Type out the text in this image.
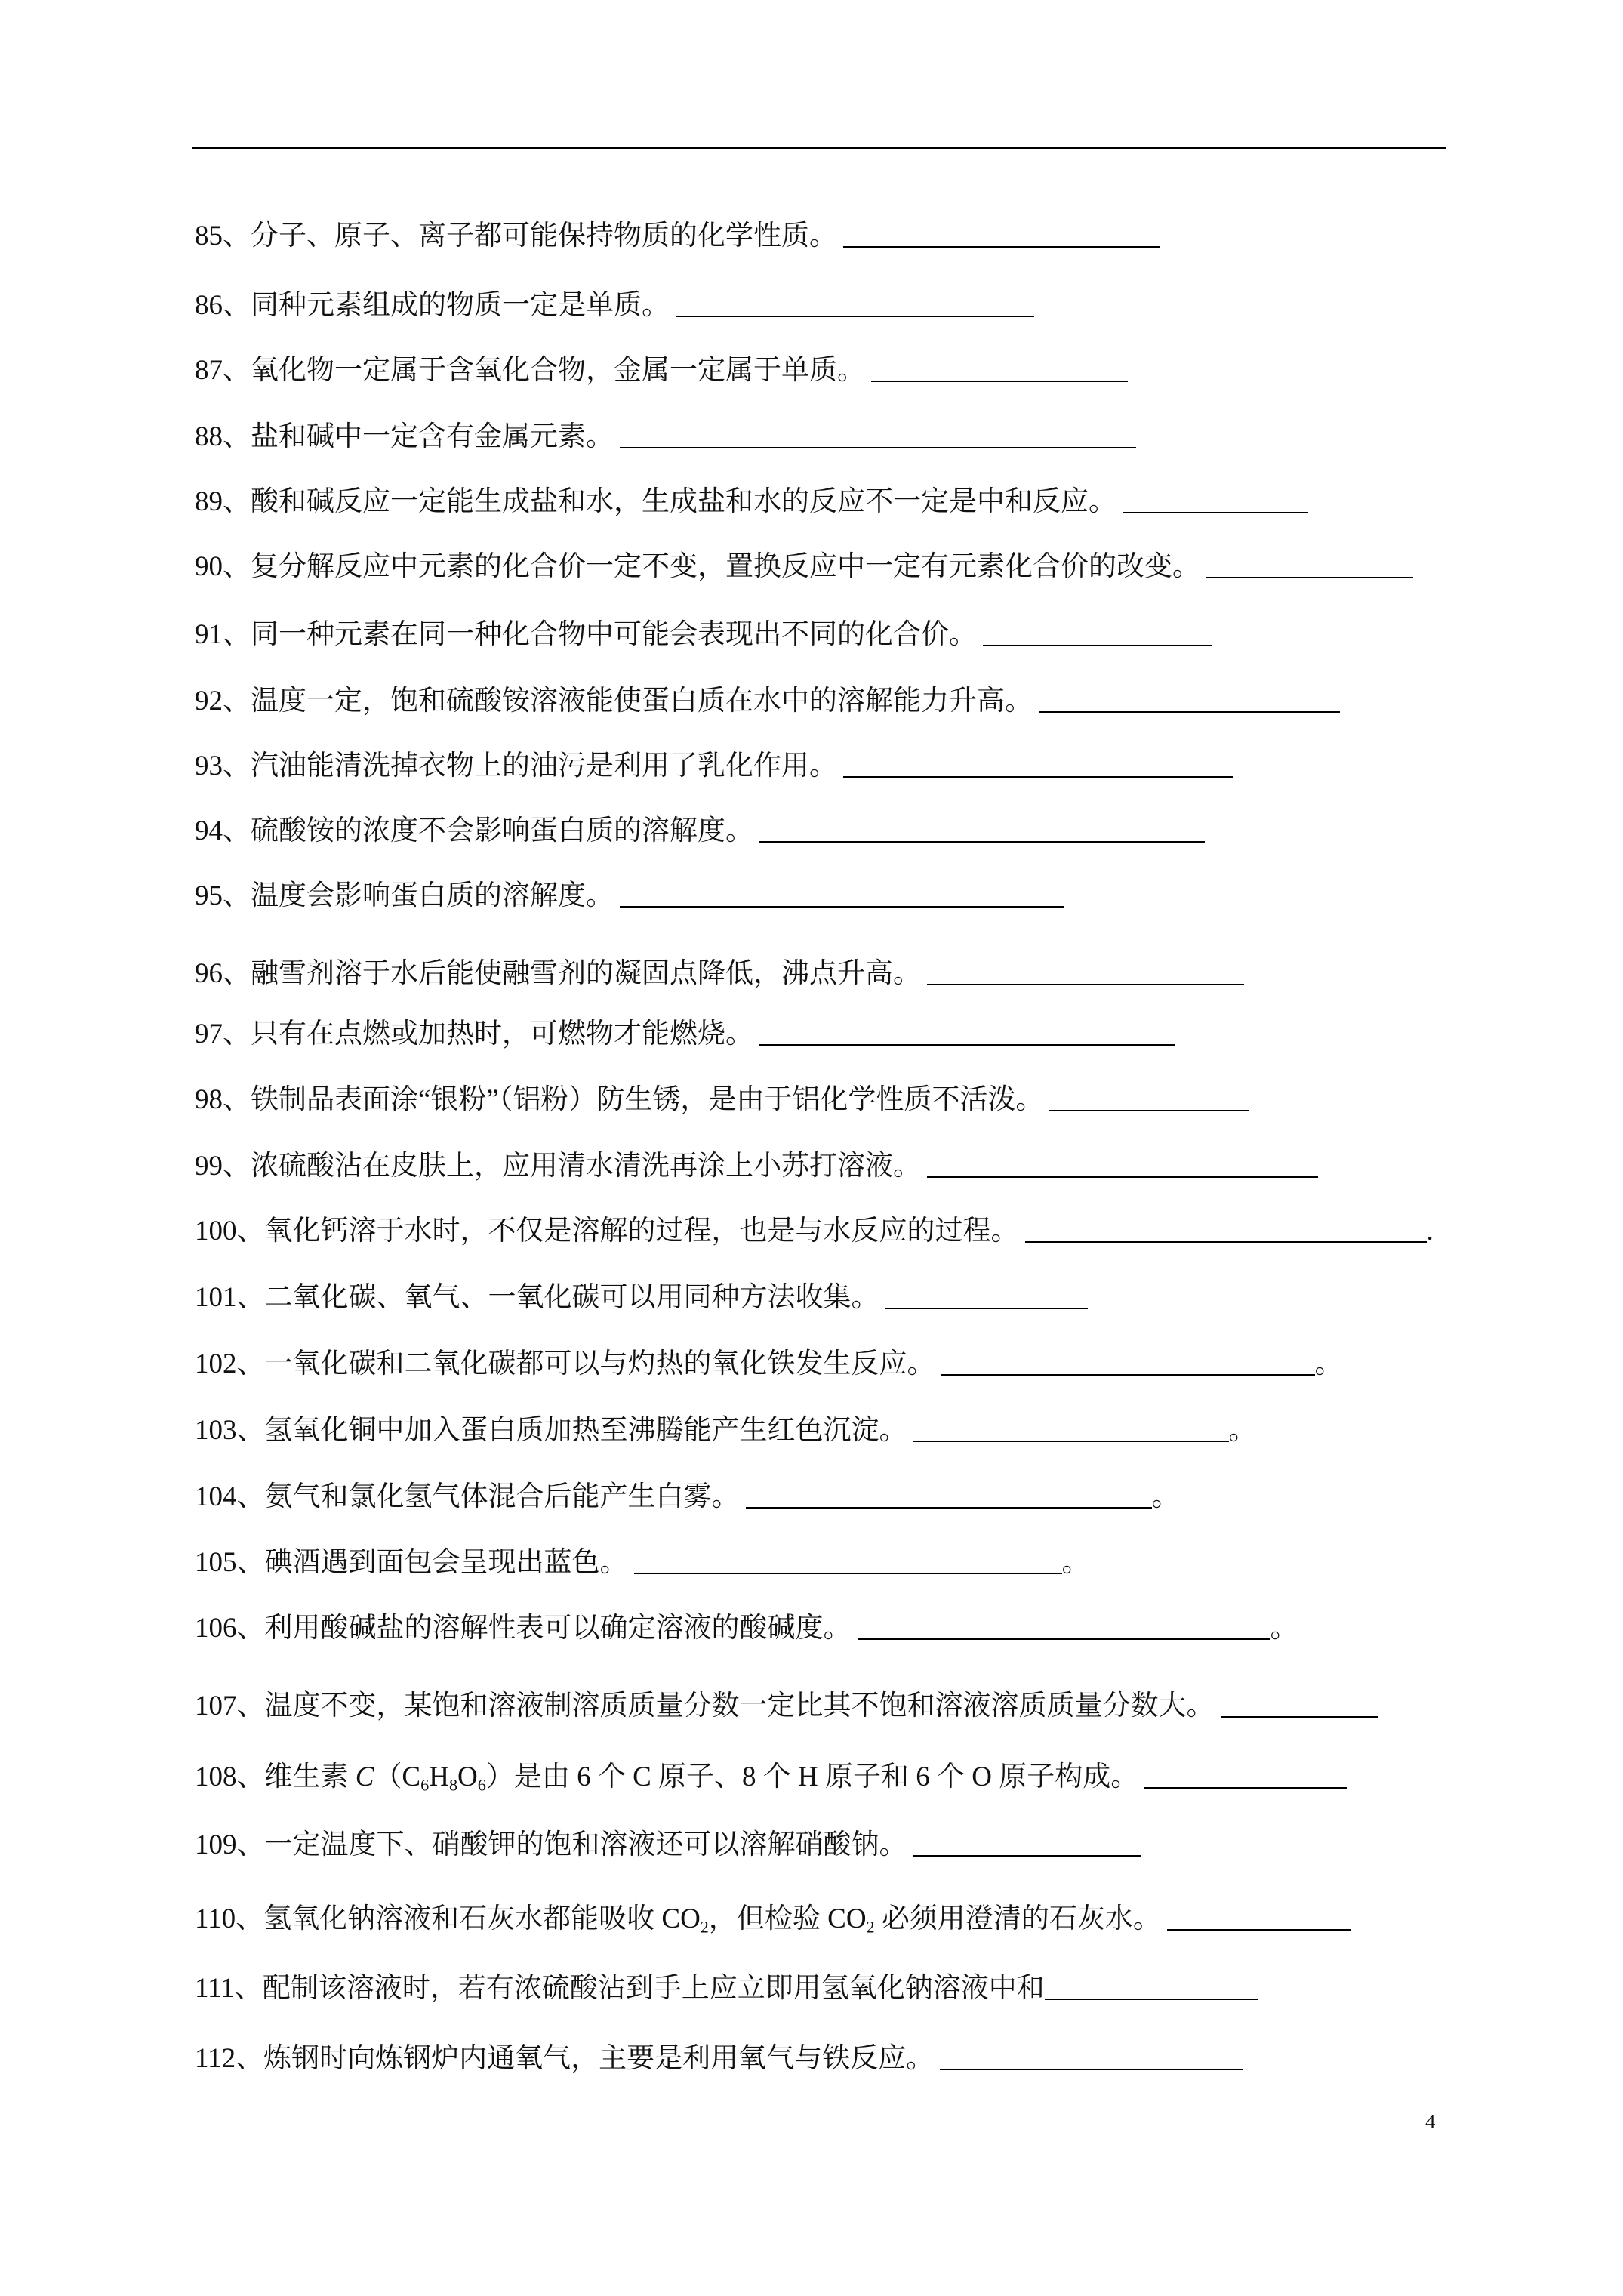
85、分子、原子、离子都可能保持物质的化学性质。
86、同种元素组成的物质一定是单质。
87、氧化物一定属于含氧化合物，金属一定属于单质。
88、盐和碱中一定含有金属元素。
89、酸和碱反应一定能生成盐和水，生成盐和水的反应不一定是中和反应。
90、复分解反应中元素的化合价一定不变，置换反应中一定有元素化合价的改变。
91、同一种元素在同一种化合物中可能会表现出不同的化合价。
92、温度一定，饱和硫酸铵溶液能使蛋白质在水中的溶解能力升高。
93、汽油能清洗掉衣物上的油污是利用了乳化作用。
94、硫酸铵的浓度不会影响蛋白质的溶解度。
95、温度会影响蛋白质的溶解度。
96、融雪剂溶于水后能使融雪剂的凝固点降低，沸点升高。
97、只有在点燃或加热时，可燃物才能燃烧。
98、铁制品表面涂“银粉”（铝粉）防生锈，是由于铝化学性质不活泼。
99、浓硫酸沾在皮肤上，应用清水清洗再涂上小苏打溶液。
100、氧化钙溶于水时，不仅是溶解的过程，也是与水反应的过程。	.
101、二氧化碳、氧气、一氧化碳可以用同种方法收集。
102、一氧化碳和二氧化碳都可以与灼热的氧化铁发生反应。	。
103、氢氧化铜中加入蛋白质加热至沸腾能产生红色沉淀。	。
104、氨气和氯化氢气体混合后能产生白雾。	。
105、碘酒遇到面包会呈现出蓝色。	。
106、利用酸碱盐的溶解性表可以确定溶液的酸碱度。	。
107、温度不变，某饱和溶液制溶质质量分数一定比其不饱和溶液溶质质量分数大。
108、维生素 $C(C_6H_8O_6)$是由 6 个 C 原子、8 个 H 原子和 6 个 O 原子构成。
109、一定温度下、硝酸钾的饱和溶液还可以溶解硝酸钠。
110、氢氧化钠溶液和石灰水都能吸收 $CO_2$，但检验 $CO_2$ 必须用澄清的石灰水。
111、配制该溶液时，若有浓硫酸沾到手上应立即用氢氧化钠溶液中和
112、炼钢时向炼钢炉内通氧气，主要是利用氧气与铁反应。
4
